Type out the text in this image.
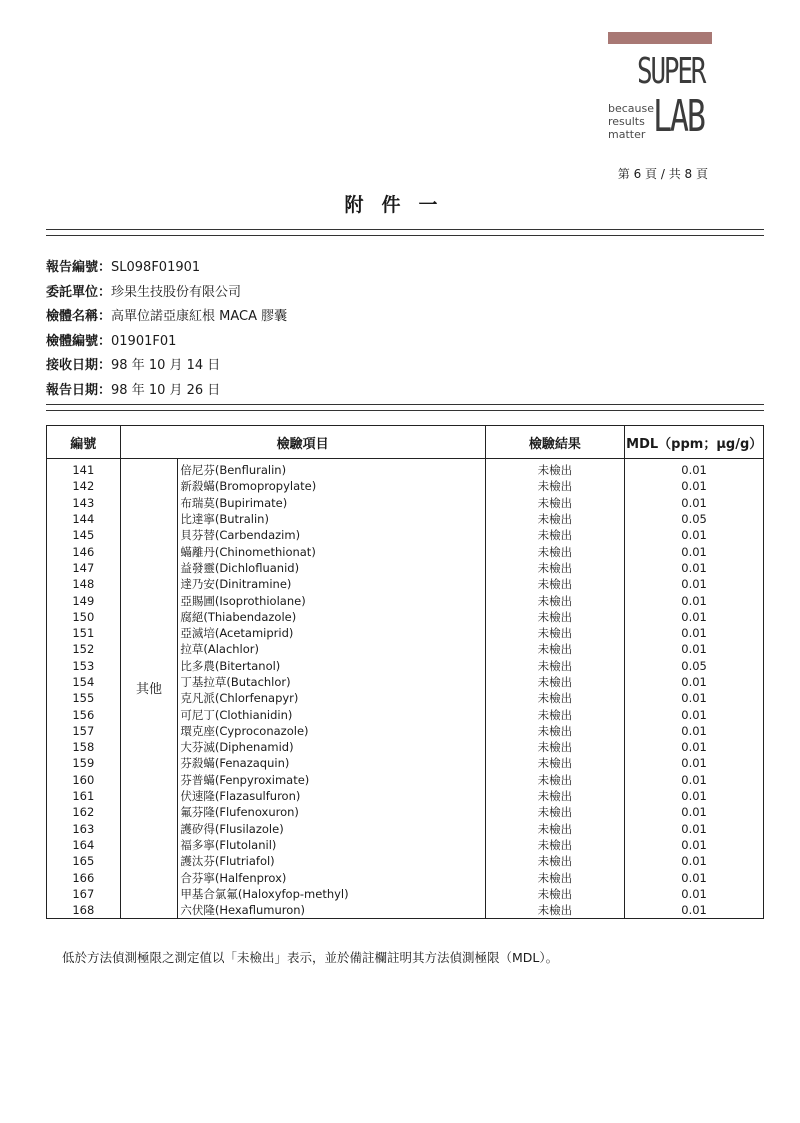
SUPER
because
results
matter LAB
第 6 頁 / 共 8 頁
附件一
報告編號：SL098F01901
委託單位：珍果生技股份有限公司
檢體名稱：高單位諾亞康紅根 MACA 膠囊
檢體編號：01901F01
接收日期：98 年 10 月 14 日
報告日期：98 年 10 月 26 日
編號	檢驗項目		檢驗結果	MDL（ppm；μg/g）
141	其他	倍尼芬(Benfluralin)	未檢出	0.01
142		新殺蟎(Bromopropylate)	未檢出	0.01
143		布瑞莫(Bupirimate)	未檢出	0.01
144		比達寧(Butralin)	未檢出	0.05
145		貝芬替(Carbendazim)	未檢出	0.01
146		蟎離丹(Chinomethionat)	未檢出	0.01
147		益發靈(Dichlofluanid)	未檢出	0.01
148		達乃安(Dinitramine)	未檢出	0.01
149		亞賜圃(Isoprothiolane)	未檢出	0.01
150		腐絕(Thiabendazole)	未檢出	0.01
151		亞滅培(Acetamiprid)	未檢出	0.01
152		拉草(Alachlor)	未檢出	0.01
153		比多農(Bitertanol)	未檢出	0.05
154		丁基拉草(Butachlor)	未檢出	0.01
155		克凡派(Chlorfenapyr)	未檢出	0.01
156		可尼丁(Clothianidin)	未檢出	0.01
157		環克座(Cyproconazole)	未檢出	0.01
158		大芬滅(Diphenamid)	未檢出	0.01
159		芬殺蟎(Fenazaquin)	未檢出	0.01
160		芬普蟎(Fenpyroximate)	未檢出	0.01
161		伏速隆(Flazasulfuron)	未檢出	0.01
162		氟芬隆(Flufenoxuron)	未檢出	0.01
163		護矽得(Flusilazole)	未檢出	0.01
164		福多寧(Flutolanil)	未檢出	0.01
165		護汰芬(Flutriafol)	未檢出	0.01
166		合芬寧(Halfenprox)	未檢出	0.01
167		甲基合氯氟(Haloxyfop-methyl)	未檢出	0.01
168		六伏隆(Hexaflumuron)	未檢出	0.01
低於方法偵測極限之測定值以「未檢出」表示，並於備註欄註明其方法偵測極限（MDL）。
